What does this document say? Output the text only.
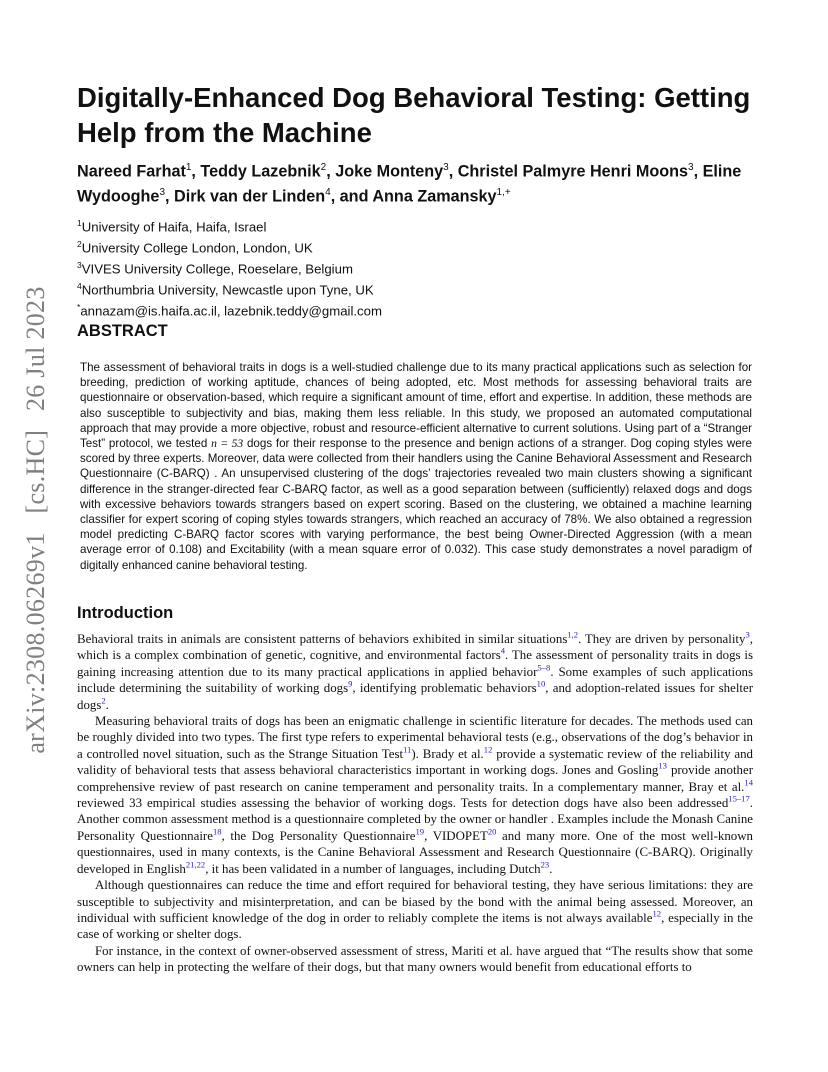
arXiv:2308.06269v1 [cs.HC] 26 Jul 2023
Digitally-Enhanced Dog Behavioral Testing: Getting Help from the Machine
Nareed Farhat$^1$, Teddy Lazebnik$^2$, Joke Monteny$^3$, Christel Palmyre Henri Moons$^3$, Eline Wydooghe$^3$, Dirk van der Linden$^4$, and Anna Zamansky$^{1,+}$
$^1$University of Haifa, Haifa, Israel
$^2$University College London, London, UK
$^3$VIVES University College, Roeselare, Belgium
$^4$Northumbria University, Newcastle upon Tyne, UK
*annazam@is.haifa.ac.il, lazebnik.teddy@gmail.com
ABSTRACT
The assessment of behavioral traits in dogs is a well-studied challenge due to its many practical applications such as selection for breeding, prediction of working aptitude, chances of being adopted, etc. Most methods for assessing behavioral traits are questionnaire or observation-based, which require a significant amount of time, effort and expertise. In addition, these methods are also susceptible to subjectivity and bias, making them less reliable. In this study, we proposed an automated computational approach that may provide a more objective, robust and resource-efficient alternative to current solutions. Using part of a “Stranger Test” protocol, we tested n = 53 dogs for their response to the presence and benign actions of a stranger. Dog coping styles were scored by three experts. Moreover, data were collected from their handlers using the Canine Behavioral Assessment and Research Questionnaire (C-BARQ) . An unsupervised clustering of the dogs’ trajectories revealed two main clusters showing a significant difference in the stranger-directed fear C-BARQ factor, as well as a good separation between (sufficiently) relaxed dogs and dogs with excessive behaviors towards strangers based on expert scoring. Based on the clustering, we obtained a machine learning classifier for expert scoring of coping styles towards strangers, which reached an accuracy of 78%. We also obtained a regression model predicting C-BARQ factor scores with varying performance, the best being Owner-Directed Aggression (with a mean average error of 0.108) and Excitability (with a mean square error of 0.032). This case study demonstrates a novel paradigm of digitally enhanced canine behavioral testing.
Introduction

Behavioral traits in animals are consistent patterns of behaviors exhibited in similar situations$^{1,2}$. They are driven by personality$^3$, which is a complex combination of genetic, cognitive, and environmental factors$^4$. The assessment of personality traits in dogs is gaining increasing attention due to its many practical applications in applied behavior$^{5-8}$. Some examples of such applications include determining the suitability of working dogs$^9$, identifying problematic behaviors$^{10}$, and adoption-related issues for shelter dogs$^2$.

Measuring behavioral traits of dogs has been an enigmatic challenge in scientific literature for decades. The methods used can be roughly divided into two types. The first type refers to experimental behavioral tests (e.g., observations of the dog’s behavior in a controlled novel situation, such as the Strange Situation Test$^{11}$). Brady et al.$^{12}$ provide a systematic review of the reliability and validity of behavioral tests that assess behavioral characteristics important in working dogs. Jones and Gosling$^{13}$ provide another comprehensive review of past research on canine temperament and personality traits. In a complementary manner, Bray et al.$^{14}$ reviewed 33 empirical studies assessing the behavior of working dogs. Tests for detection dogs have also been addressed$^{15-17}$. Another common assessment method is a questionnaire completed by the owner or handler . Examples include the Monash Canine Personality Questionnaire$^{18}$, the Dog Personality Questionnaire$^{19}$, VIDOPET$^{20}$ and many more. One of the most well-known questionnaires, used in many contexts, is the Canine Behavioral Assessment and Research Questionnaire (C-BARQ). Originally developed in English$^{21,22}$, it has been validated in a number of languages, including Dutch$^{23}$.

Although questionnaires can reduce the time and effort required for behavioral testing, they have serious limitations: they are susceptible to subjectivity and misinterpretation, and can be biased by the bond with the animal being assessed. Moreover, an individual with sufficient knowledge of the dog in order to reliably complete the items is not always available$^{12}$, especially in the case of working or shelter dogs.

For instance, in the context of owner-observed assessment of stress, Mariti et al. have argued that “The results show that some owners can help in protecting the welfare of their dogs, but that many owners would benefit from educational efforts to
